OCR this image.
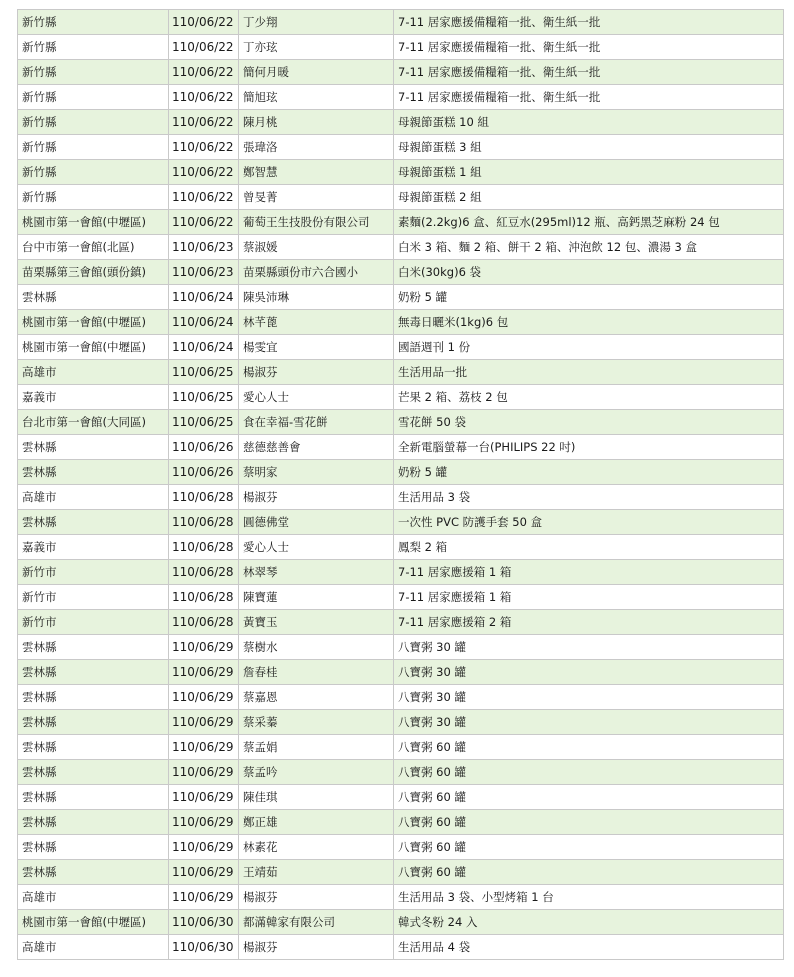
新竹縣	110/06/22	丁少翔	7-11 居家應援備糧箱一批、衛生紙一批
新竹縣	110/06/22	丁亦玹	7-11 居家應援備糧箱一批、衛生紙一批
新竹縣	110/06/22	簡何月暖	7-11 居家應援備糧箱一批、衛生紙一批
新竹縣	110/06/22	簡旭玹	7-11 居家應援備糧箱一批、衛生紙一批
新竹縣	110/06/22	陳月桃	母親節蛋糕 10 組
新竹縣	110/06/22	張瑋洛	母親節蛋糕 3 組
新竹縣	110/06/22	鄭智慧	母親節蛋糕 1 組
新竹縣	110/06/22	曾旻菁	母親節蛋糕 2 組
桃園市第一會館(中壢區)	110/06/22	葡萄王生技股份有限公司	素麵(2.2kg)6 盒、紅豆水(295ml)12 瓶、高鈣黑芝麻粉 24 包
台中市第一會館(北區)	110/06/23	蔡淑媛	白米 3 箱、麵 2 箱、餅干 2 箱、沖泡飲 12 包、濃湯 3 盒
苗栗縣第三會館(頭份鎮)	110/06/23	苗栗縣頭份市六合國小	白米(30kg)6 袋
雲林縣	110/06/24	陳吳沛琳	奶粉 5 罐
桃園市第一會館(中壢區)	110/06/24	林芊蓖	無毒日曬米(1kg)6 包
桃園市第一會館(中壢區)	110/06/24	楊雯宜	國語週刊 1 份
高雄市	110/06/25	楊淑芬	生活用品一批
嘉義市	110/06/25	愛心人士	芒果 2 箱、荔枝 2 包
台北市第一會館(大同區)	110/06/25	食在幸福-雪花餅	雪花餅 50 袋
雲林縣	110/06/26	慈德慈善會	全新電腦螢幕一台(PHILIPS 22 吋)
雲林縣	110/06/26	蔡明家	奶粉 5 罐
高雄市	110/06/28	楊淑芬	生活用品 3 袋
雲林縣	110/06/28	圓德佛堂	一次性 PVC 防護手套 50 盒
嘉義市	110/06/28	愛心人士	鳳梨 2 箱
新竹市	110/06/28	林翠琴	7-11 居家應援箱 1 箱
新竹市	110/06/28	陳寶蓮	7-11 居家應援箱 1 箱
新竹市	110/06/28	黃寶玉	7-11 居家應援箱 2 箱
雲林縣	110/06/29	蔡樹水	八寶粥 30 罐
雲林縣	110/06/29	詹春桂	八寶粥 30 罐
雲林縣	110/06/29	蔡嘉恩	八寶粥 30 罐
雲林縣	110/06/29	蔡采蓁	八寶粥 30 罐
雲林縣	110/06/29	蔡孟娟	八寶粥 60 罐
雲林縣	110/06/29	蔡孟吟	八寶粥 60 罐
雲林縣	110/06/29	陳佳琪	八寶粥 60 罐
雲林縣	110/06/29	鄭正雄	八寶粥 60 罐
雲林縣	110/06/29	林素花	八寶粥 60 罐
雲林縣	110/06/29	王靖茹	八寶粥 60 罐
高雄市	110/06/29	楊淑芬	生活用品 3 袋、小型烤箱 1 台
桃園市第一會館(中壢區)	110/06/30	都滿韓家有限公司	韓式冬粉 24 入
高雄市	110/06/30	楊淑芬	生活用品 4 袋
